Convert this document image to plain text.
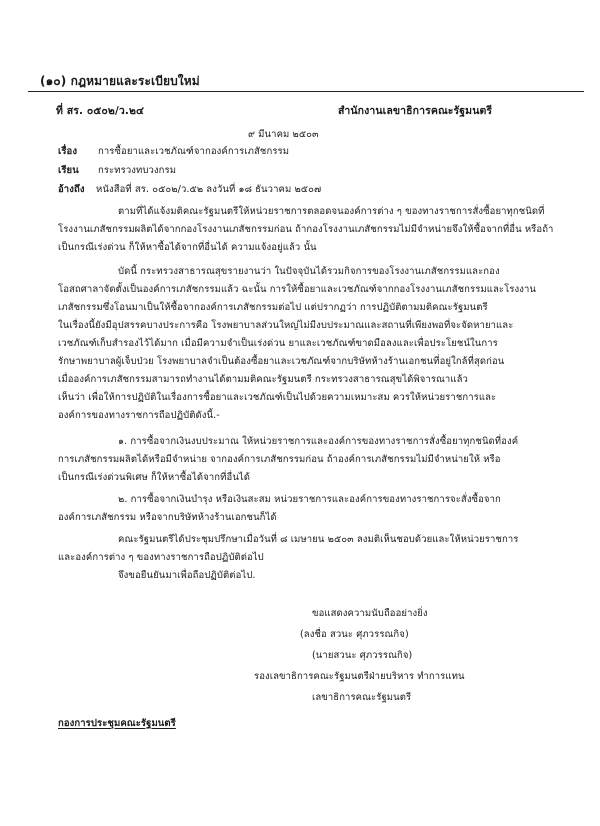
(๑๐) กฎหมายและระเบียบใหม่
ที่ สร. ๐๕๐๒/ว.๒๔	สำนักงานเลขาธิการคณะรัฐมนตรี
๙ มีนาคม ๒๕๐๓
เรื่อง การซื้อยาและเวชภัณฑ์จากองค์การเภสัชกรรม
เรียน กระทรวงทบวงกรม
อ้างถึง หนังสือที่ สร. ๐๕๐๒/ว.๕๒ ลงวันที่ ๑๘ ธันวาคม ๒๕๐๗
ตามที่ได้แจ้งมติคณะรัฐมนตรีให้หน่วยราชการตลอดจนองค์การต่าง ๆ ของทางราชการสั่งซื้อยาทุกชนิดที่
โรงงานเภสัชกรรมผลิตได้จากกองโรงงานเภสัชกรรมก่อน ถ้ากองโรงงานเภสัชกรรมไม่มีจำหน่ายจึงให้ซื้อจากที่อื่น หรือถ้า
เป็นกรณีเร่งด่วน ก็ให้หาซื้อได้จากที่อื่นได้ ความแจ้งอยู่แล้ว นั้น
บัดนี้ กระทรวงสาธารณสุขรายงานว่า ในปัจจุบันได้รวมกิจการของโรงงานเภสัชกรรมและกอง
โอสถศาลาจัดตั้งเป็นองค์การเภสัชกรรมแล้ว ฉะนั้น การให้ซื้อยาและเวชภัณฑ์จากกองโรงงานเภสัชกรรมและโรงงาน
เภสัชกรรมซึ่งโอนมาเป็นให้ซื้อจากองค์การเภสัชกรรมต่อไป แต่ปรากฏว่า การปฏิบัติตามมติคณะรัฐมนตรี
ในเรื่องนี้ยังมีอุปสรรคบางประการคือ โรงพยาบาลส่วนใหญ่ไม่มีงบประมาณและสถานที่เพียงพอที่จะจัดหายาและ
เวชภัณฑ์เก็บสำรองไว้ได้มาก เมื่อมีความจำเป็นเร่งด่วน ยาและเวชภัณฑ์ขาดมือลงและเพื่อประโยชน์ในการ
รักษาพยาบาลผู้เจ็บป่วย โรงพยาบาลจำเป็นต้องซื้อยาและเวชภัณฑ์จากบริษัทห้างร้านเอกชนที่อยู่ใกล้ที่สุดก่อน
เมื่อองค์การเภสัชกรรมสามารถทำงานได้ตามมติคณะรัฐมนตรี กระทรวงสาธารณสุขได้พิจารณาแล้ว
เห็นว่า เพื่อให้การปฏิบัติในเรื่องการซื้อยาและเวชภัณฑ์เป็นไปด้วยความเหมาะสม ควรให้หน่วยราชการและ
องค์การของทางราชการถือปฏิบัติดังนี้.-
๑. การซื้อจากเงินงบประมาณ ให้หน่วยราชการและองค์การของทางราชการสั่งซื้อยาทุกชนิดที่องค์
การเภสัชกรรมผลิตได้หรือมีจำหน่าย จากองค์การเภสัชกรรมก่อน ถ้าองค์การเภสัชกรรมไม่มีจำหน่ายให้ หรือ
เป็นกรณีเร่งด่วนพิเศษ ก็ให้หาซื้อได้จากที่อื่นได้
๒. การซื้อจากเงินบำรุง หรือเงินสะสม หน่วยราชการและองค์การของทางราชการจะสั่งซื้อจาก
องค์การเภสัชกรรม หรือจากบริษัทห้างร้านเอกชนก็ได้
คณะรัฐมนตรีได้ประชุมปรึกษาเมื่อวันที่ ๘ เมษายน ๒๕๐๓ ลงมติเห็นชอบด้วยและให้หน่วยราชการ
และองค์การต่าง ๆ ของทางราชการถือปฏิบัติต่อไป
จึงขอยืนยันมาเพื่อถือปฏิบัติต่อไป.
ขอแสดงความนับถืออย่างยิ่ง
(ลงชื่อ สวนะ ศุภวรรณกิจ)
(นายสวนะ ศุภวรรณกิจ)
รองเลขาธิการคณะรัฐมนตรีฝ่ายบริหาร ทำการแทน
เลขาธิการคณะรัฐมนตรี
กองการประชุมคณะรัฐมนตรี
